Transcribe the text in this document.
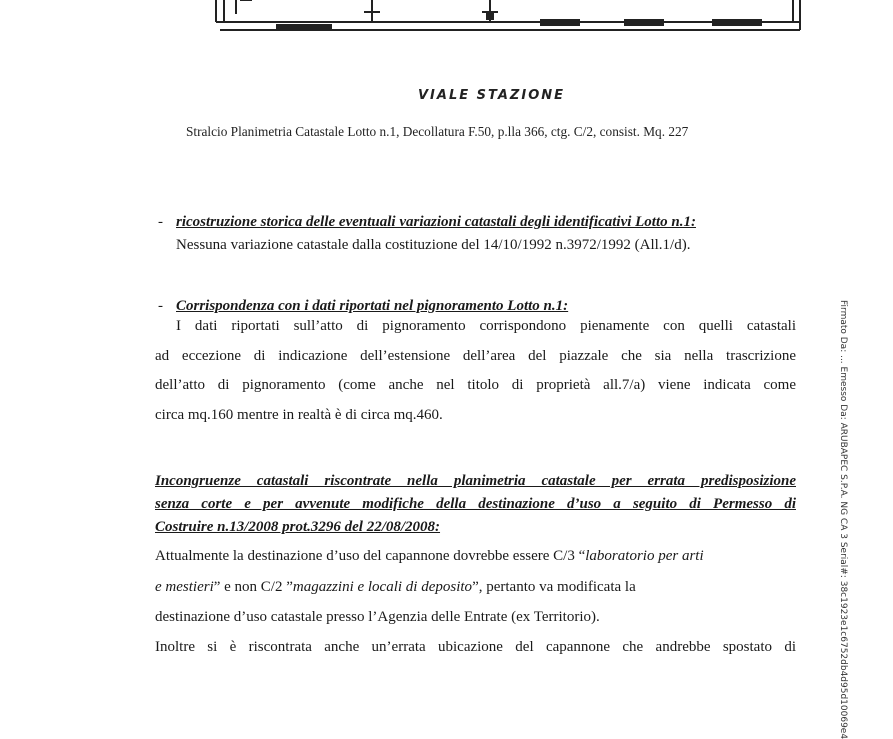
VIALE STAZIONE
Stralcio Planimetria Catastale Lotto n.1, Decollatura F.50, p.lla 366, ctg. C/2, consist. Mq. 227
- ricostruzione storica delle eventuali variazioni catastali degli identificativi Lotto n.1:
Nessuna variazione catastale dalla costituzione del 14/10/1992 n.3972/1992 (All.1/d).
- Corrispondenza con i dati riportati nel pignoramento Lotto n.1:
I dati riportati sull’atto di pignoramento corrispondono pienamente con quelli catastali
ad eccezione di indicazione dell’estensione dell’area del piazzale che sia nella trascrizione
dell’atto di pignoramento (come anche nel titolo di proprietà all.7/a) viene indicata come
circa mq.160 mentre in realtà è di circa mq.460.
Incongruenze catastali riscontrate nella planimetria catastale per errata predisposizione
senza corte e per avvenute modifiche della destinazione d’uso a seguito di Permesso di
Costruire n.13/2008 prot.3296 del 22/08/2008:
Attualmente la destinazione d’uso del capannone dovrebbe essere C/3 “laboratorio per arti
e mestieri” e non C/2 ”magazzini e locali di deposito”, pertanto va modificata la
destinazione d’uso catastale presso l’Agenzia delle Entrate (ex Territorio).
Inoltre si è riscontrata anche un’errata ubicazione del capannone che andrebbe spostato di	Firmato Da: ... Emesso Da: ARUBAPEC S.P.A. NG CA 3 Serial#: 38c1923e1c6752db4d95d10069e4
